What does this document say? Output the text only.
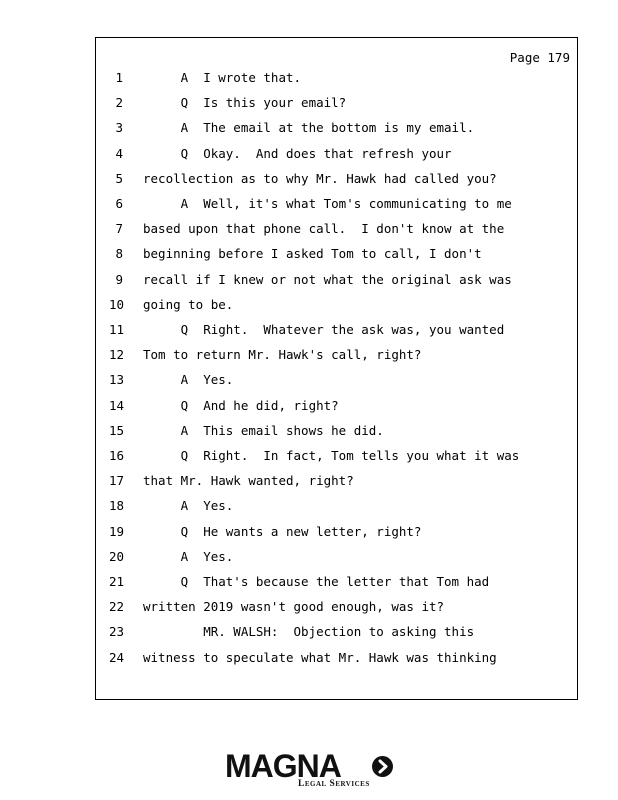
Page 179
1 A  I wrote that.
2 Q  Is this your email?
3 A  The email at the bottom is my email.
4 Q  Okay.  And does that refresh your
5 recollection as to why Mr. Hawk had called you?
6 A  Well, it's what Tom's communicating to me
7 based upon that phone call.  I don't know at the
8 beginning before I asked Tom to call, I don't
9 recall if I knew or not what the original ask was
10 going to be.
11 Q  Right.  Whatever the ask was, you wanted
12 Tom to return Mr. Hawk's call, right?
13 A  Yes.
14 Q  And he did, right?
15 A  This email shows he did.
16 Q  Right.  In fact, Tom tells you what it was
17 that Mr. Hawk wanted, right?
18 A  Yes.
19 Q  He wants a new letter, right?
20 A  Yes.
21 Q  That's because the letter that Tom had
22 written 2019 wasn't good enough, was it?
23 MR. WALSH:  Objection to asking this
24 witness to speculate what Mr. Hawk was thinking
MAGNA
Legal Services
